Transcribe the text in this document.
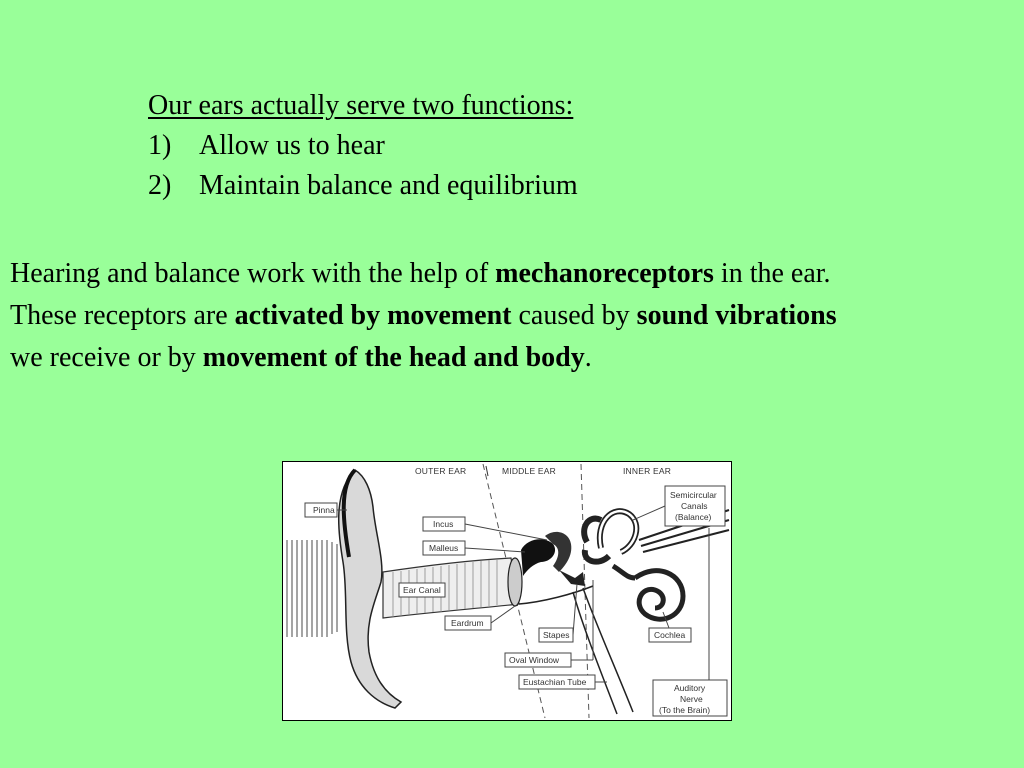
Our ears actually serve two functions:
1) Allow us to hear
2) Maintain balance and equilibrium
Hearing and balance work with the help of mechanoreceptors in the ear.
These receptors are activated by movement caused by sound vibrations
we receive or by movement of the head and body.
OUTER EAR	MIDDLE EAR	INNER EAR
Pinna
Incus
Malleus
Ear Canal
Eardrum
Stapes
Oval Window
Eustachian Tube
Semicircular
Canals
(Balance)
Cochlea
Auditory
Nerve
(To the Brain)
